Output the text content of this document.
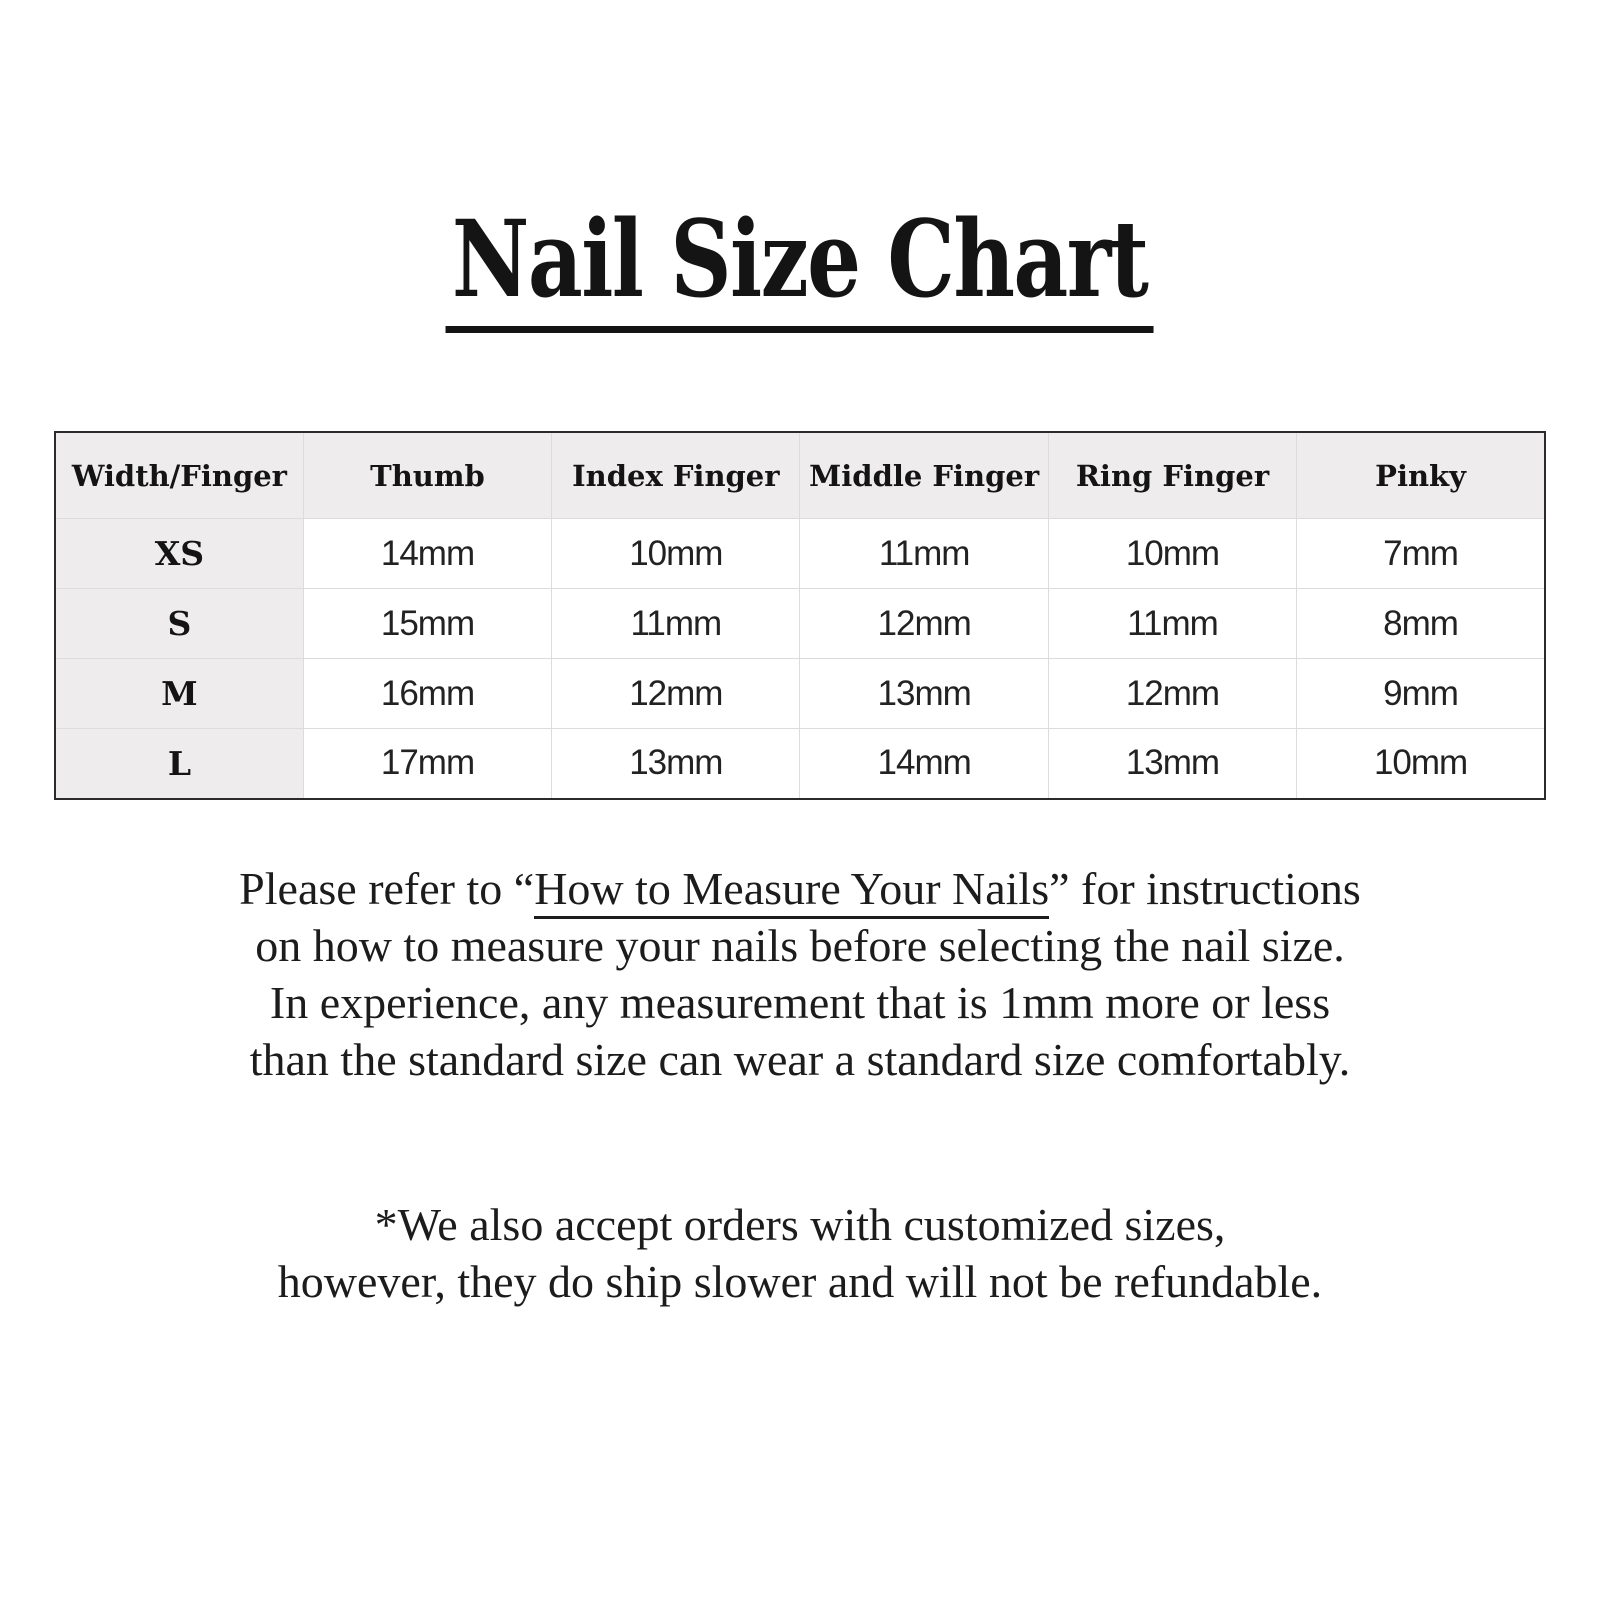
Nail Size Chart
Width/Finger	Thumb	Index Finger	Middle Finger	Ring Finger	Pinky
XS	14mm	10mm	11mm	10mm	7mm
S	15mm	11mm	12mm	11mm	8mm
M	16mm	12mm	13mm	12mm	9mm
L	17mm	13mm	14mm	13mm	10mm

Please refer to “How to Measure Your Nails” for instructions
on how to measure your nails before selecting the nail size.
In experience, any measurement that is 1mm more or less
than the standard size can wear a standard size comfortably.

*We also accept orders with customized sizes,
however, they do ship slower and will not be refundable.
